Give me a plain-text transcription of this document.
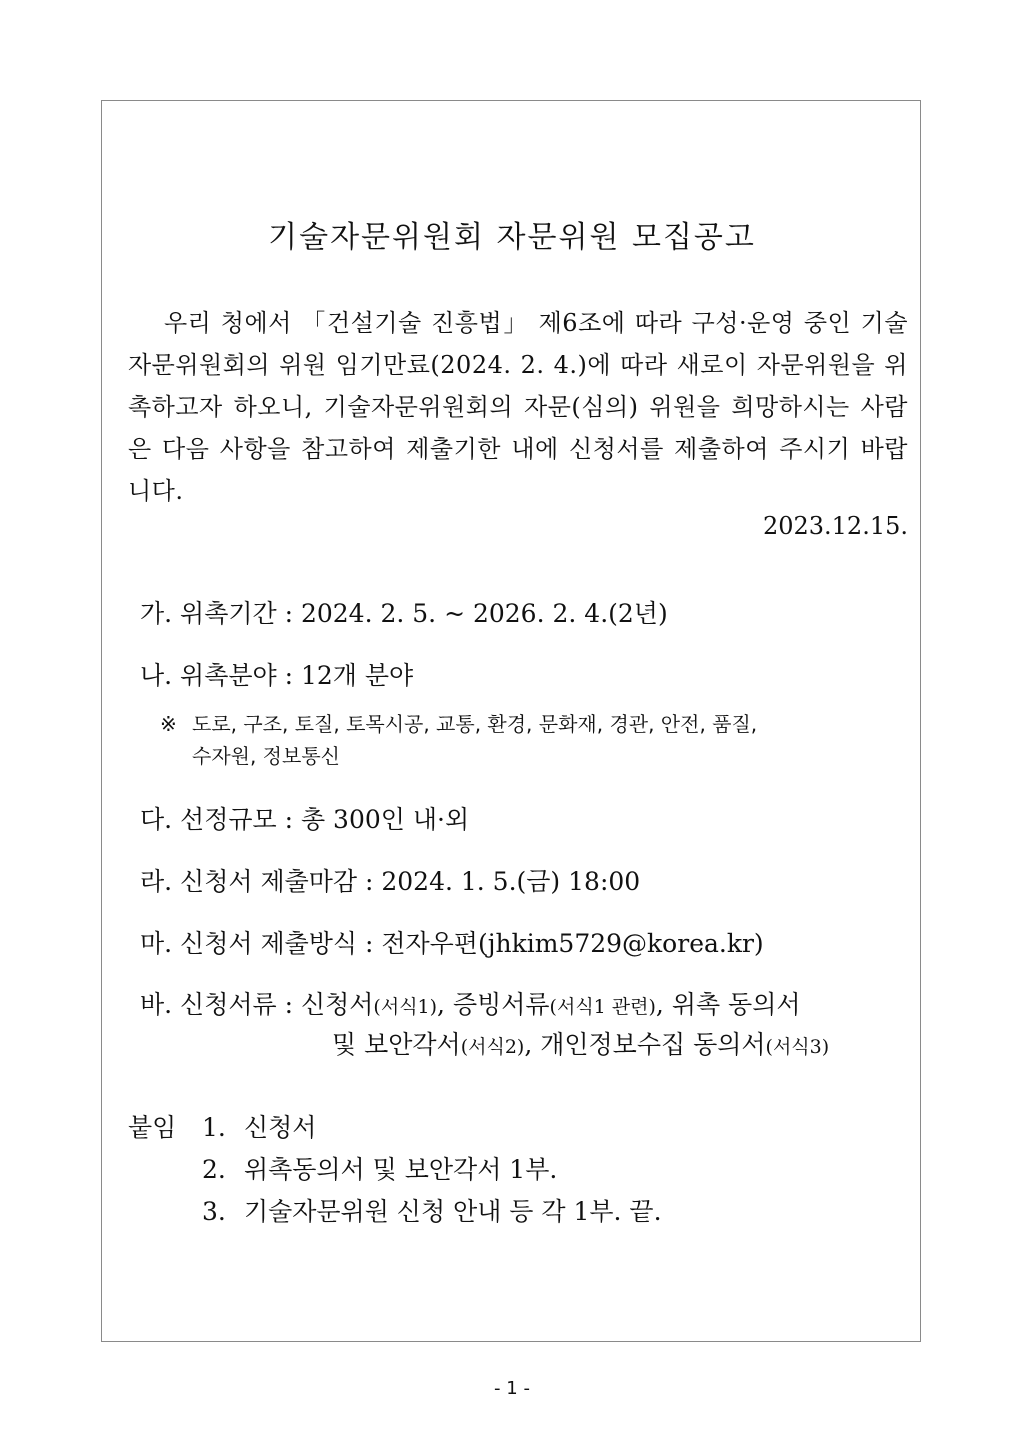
기술자문위원회 자문위원 모집공고
우리 청에서 「건설기술 진흥법」 제6조에 따라 구성·운영 중인 기술자문위원회의 위원 임기만료(2024. 2. 4.)에 따라 새로이 자문위원을 위촉하고자 하오니, 기술자문위원회의 자문(심의) 위원을 희망하시는 사람은 다음 사항을 참고하여 제출기한 내에 신청서를 제출하여 주시기 바랍니다.
2023.12.15.
가. 위촉기간 : 2024. 2. 5. ~ 2026. 2. 4.(2년)
나. 위촉분야 : 12개 분야
※ 도로, 구조, 토질, 토목시공, 교통, 환경, 문화재, 경관, 안전, 품질,
수자원, 정보통신
다. 선정규모 : 총 300인 내·외
라. 신청서 제출마감 : 2024. 1. 5.(금) 18:00
마. 신청서 제출방식 : 전자우편(jhkim5729@korea.kr)
바. 신청서류 : 신청서(서식1), 증빙서류(서식1 관련), 위촉 동의서
및 보안각서(서식2), 개인정보수집 동의서(서식3)
붙임 1. 신청서
2. 위촉동의서 및 보안각서 1부.
3. 기술자문위원 신청 안내 등 각 1부. 끝.
- 1 -
